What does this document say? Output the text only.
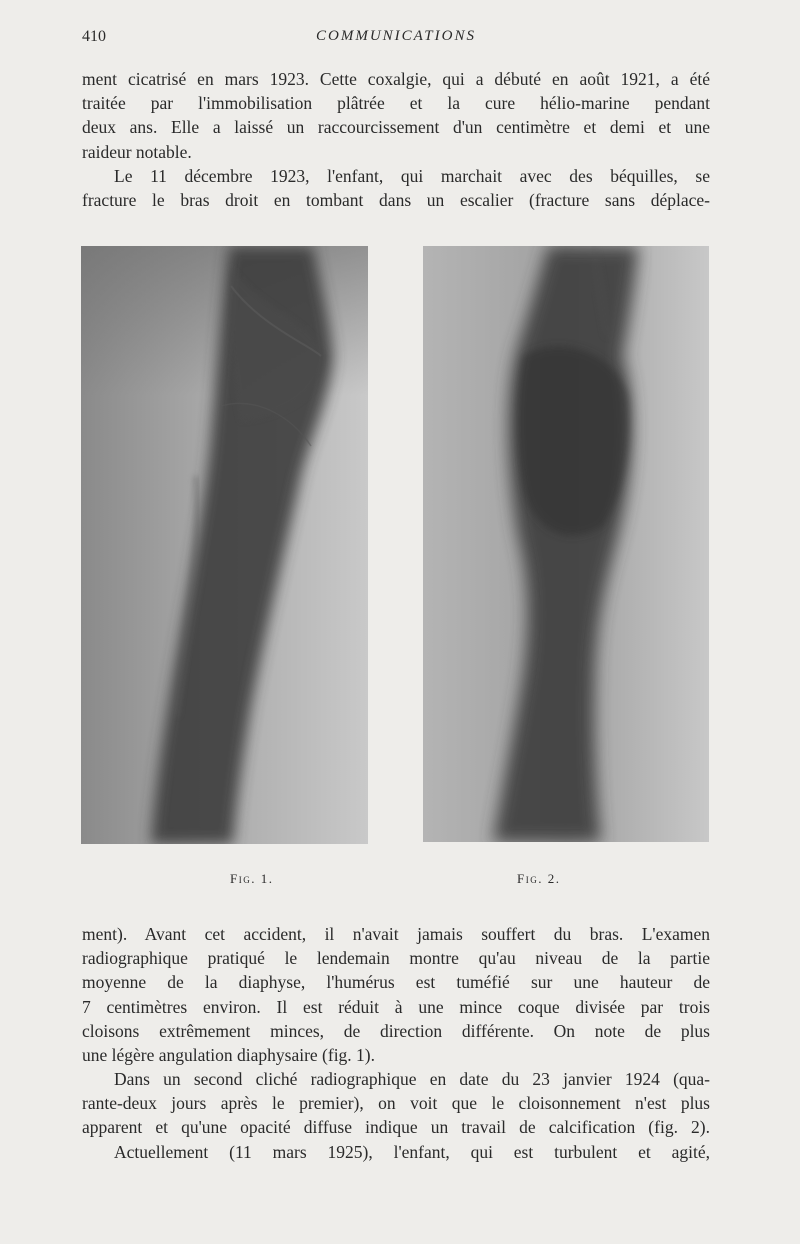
410	COMMUNICATIONS

ment cicatrisé en mars 1923. Cette coxalgie, qui a débuté en août 1921, a été
traitée par l'immobilisation plâtrée et la cure hélio-marine pendant
deux ans. Elle a laissé un raccourcissement d'un centimètre et demi et une
raideur notable.

Le 11 décembre 1923, l'enfant, qui marchait avec des béquilles, se
fracture le bras droit en tombant dans un escalier (fracture sans déplace-

Fig. 1.	Fig. 2.

ment). Avant cet accident, il n'avait jamais souffert du bras. L'examen
radiographique pratiqué le lendemain montre qu'au niveau de la partie
moyenne de la diaphyse, l'humérus est tuméfié sur une hauteur de
7 centimètres environ. Il est réduit à une mince coque divisée par trois
cloisons extrêmement minces, de direction différente. On note de plus
une légère angulation diaphysaire (fig. 1).

Dans un second cliché radiographique en date du 23 janvier 1924 (qua-
rante-deux jours après le premier), on voit que le cloisonnement n'est plus
apparent et qu'une opacité diffuse indique un travail de calcification (fig. 2).

Actuellement (11 mars 1925), l'enfant, qui est turbulent et agité,
